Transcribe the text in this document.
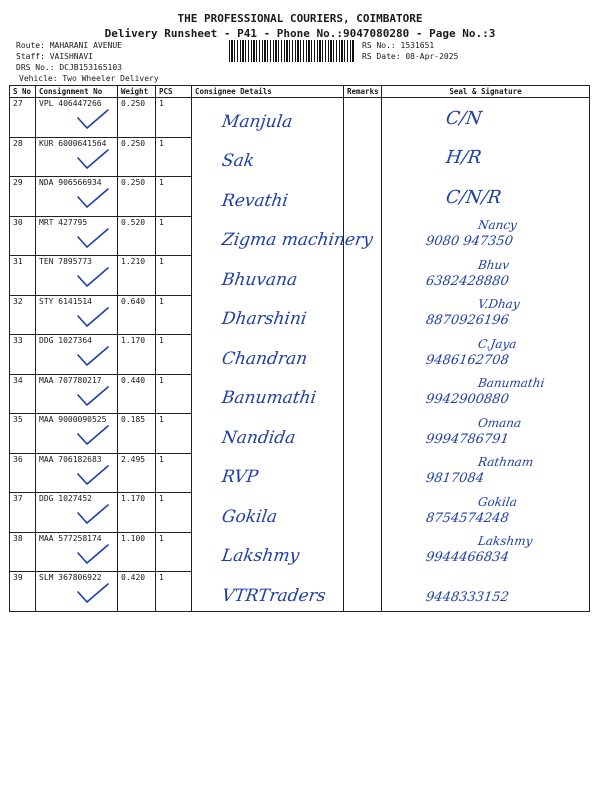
THE PROFESSIONAL COURIERS, COIMBATORE
Delivery Runsheet - P41 - Phone No.:9047080280 - Page No.:3
Route: MAHARANI AVENUE
Staff: VAISHNAVI
DRS No.: DCJB15316510З
Vehicle: Two Wheeler Delivery
RS No.: 1531651
RS Date: 08-Apr-2025
S No	Consignment No	Weight	PCS	Consignee Details	Remarks	Seal & Signature
27	VPL 406447266	0.250	1	Manjula		C/N

28	KUR 6000641564	0.250	1	Sak		H/R

29	NDA 906566934	0.250	1	Revathi		C/N/R

30	MRT 427795	0.520	1	Zigma machinery		Nancy
9080 947350

31	TEN 7895773	1.210	1	Bhuvana		Bhuv
6382428880

32	STY 6141514	0.640	1	Dharshini		V.Dhay
8870926196

33	DDG 1027364	1.170	1	Chandran		C.Jaya
9486162708

34	MAA 707780217	0.440	1	Banumathi		Banumathi
9942900880

35	MAA 9000090525	0.185	1	Nandida		Omana
9994786791

36	MAA 706182683	2.495	1	RVP		Rathnam
9817084

37	DDG 1027452	1.170	1	Gokila		Gokila
8754574248

38	MAA 577258174	1.100	1	Lakshmy		Lakshmy
9944466834

39	SLM 367806922	0.420	1	VTRTraders		9448333152
